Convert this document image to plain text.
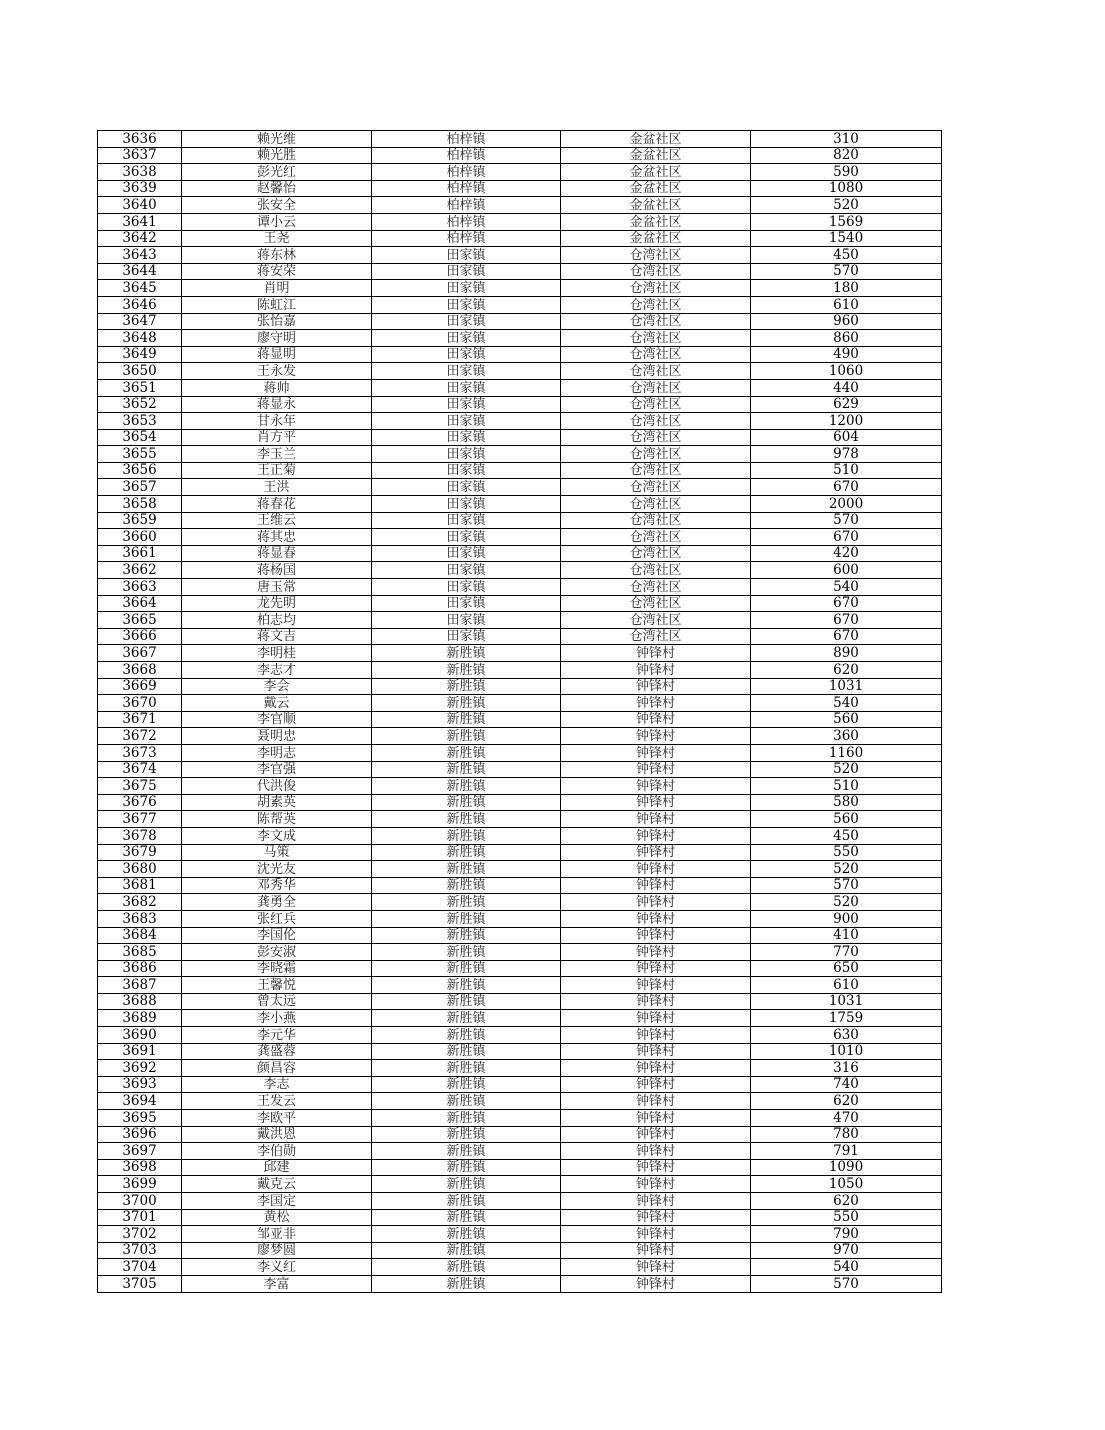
3636	赖光维	柏梓镇	金盆社区	310
3637	赖光胜	柏梓镇	金盆社区	820
3638	彭光红	柏梓镇	金盆社区	590
3639	赵馨怡	柏梓镇	金盆社区	1080
3640	张安全	柏梓镇	金盆社区	520
3641	谭小云	柏梓镇	金盆社区	1569
3642	王尧	柏梓镇	金盆社区	1540
3643	蒋东林	田家镇	仓湾社区	450
3644	蒋安荣	田家镇	仓湾社区	570
3645	肖明	田家镇	仓湾社区	180
3646	陈虹江	田家镇	仓湾社区	610
3647	张怡嘉	田家镇	仓湾社区	960
3648	廖守明	田家镇	仓湾社区	860
3649	蒋显明	田家镇	仓湾社区	490
3650	王永发	田家镇	仓湾社区	1060
3651	蒋帅	田家镇	仓湾社区	440
3652	蒋显永	田家镇	仓湾社区	629
3653	甘永年	田家镇	仓湾社区	1200
3654	肖方平	田家镇	仓湾社区	604
3655	李玉兰	田家镇	仓湾社区	978
3656	王正菊	田家镇	仓湾社区	510
3657	王洪	田家镇	仓湾社区	670
3658	蒋春花	田家镇	仓湾社区	2000
3659	王维云	田家镇	仓湾社区	570
3660	蒋其忠	田家镇	仓湾社区	670
3661	蒋显春	田家镇	仓湾社区	420
3662	蒋杨国	田家镇	仓湾社区	600
3663	唐玉常	田家镇	仓湾社区	540
3664	龙先明	田家镇	仓湾社区	670
3665	柏志均	田家镇	仓湾社区	670
3666	蒋文吉	田家镇	仓湾社区	670
3667	李明桂	新胜镇	钟锋村	890
3668	李志才	新胜镇	钟锋村	620
3669	李会	新胜镇	钟锋村	1031
3670	戴云	新胜镇	钟锋村	540
3671	李官顺	新胜镇	钟锋村	560
3672	聂明忠	新胜镇	钟锋村	360
3673	李明志	新胜镇	钟锋村	1160
3674	李官强	新胜镇	钟锋村	520
3675	代洪俊	新胜镇	钟锋村	510
3676	胡素英	新胜镇	钟锋村	580
3677	陈帮英	新胜镇	钟锋村	560
3678	李文成	新胜镇	钟锋村	450
3679	马策	新胜镇	钟锋村	550
3680	沈光友	新胜镇	钟锋村	520
3681	邓秀华	新胜镇	钟锋村	570
3682	龚勇全	新胜镇	钟锋村	520
3683	张红兵	新胜镇	钟锋村	900
3684	李国伦	新胜镇	钟锋村	410
3685	彭安淑	新胜镇	钟锋村	770
3686	李晓霜	新胜镇	钟锋村	650
3687	王馨悦	新胜镇	钟锋村	610
3688	曾太远	新胜镇	钟锋村	1031
3689	李小燕	新胜镇	钟锋村	1759
3690	李元华	新胜镇	钟锋村	630
3691	龚盛蓉	新胜镇	钟锋村	1010
3692	颜昌容	新胜镇	钟锋村	316
3693	李志	新胜镇	钟锋村	740
3694	王发云	新胜镇	钟锋村	620
3695	李欧平	新胜镇	钟锋村	470
3696	戴洪恩	新胜镇	钟锋村	780
3697	李伯勋	新胜镇	钟锋村	791
3698	邱建	新胜镇	钟锋村	1090
3699	戴克云	新胜镇	钟锋村	1050
3700	李国定	新胜镇	钟锋村	620
3701	黄松	新胜镇	钟锋村	550
3702	邹亚非	新胜镇	钟锋村	790
3703	廖梦圆	新胜镇	钟锋村	970
3704	李义红	新胜镇	钟锋村	540
3705	李富	新胜镇	钟锋村	570
